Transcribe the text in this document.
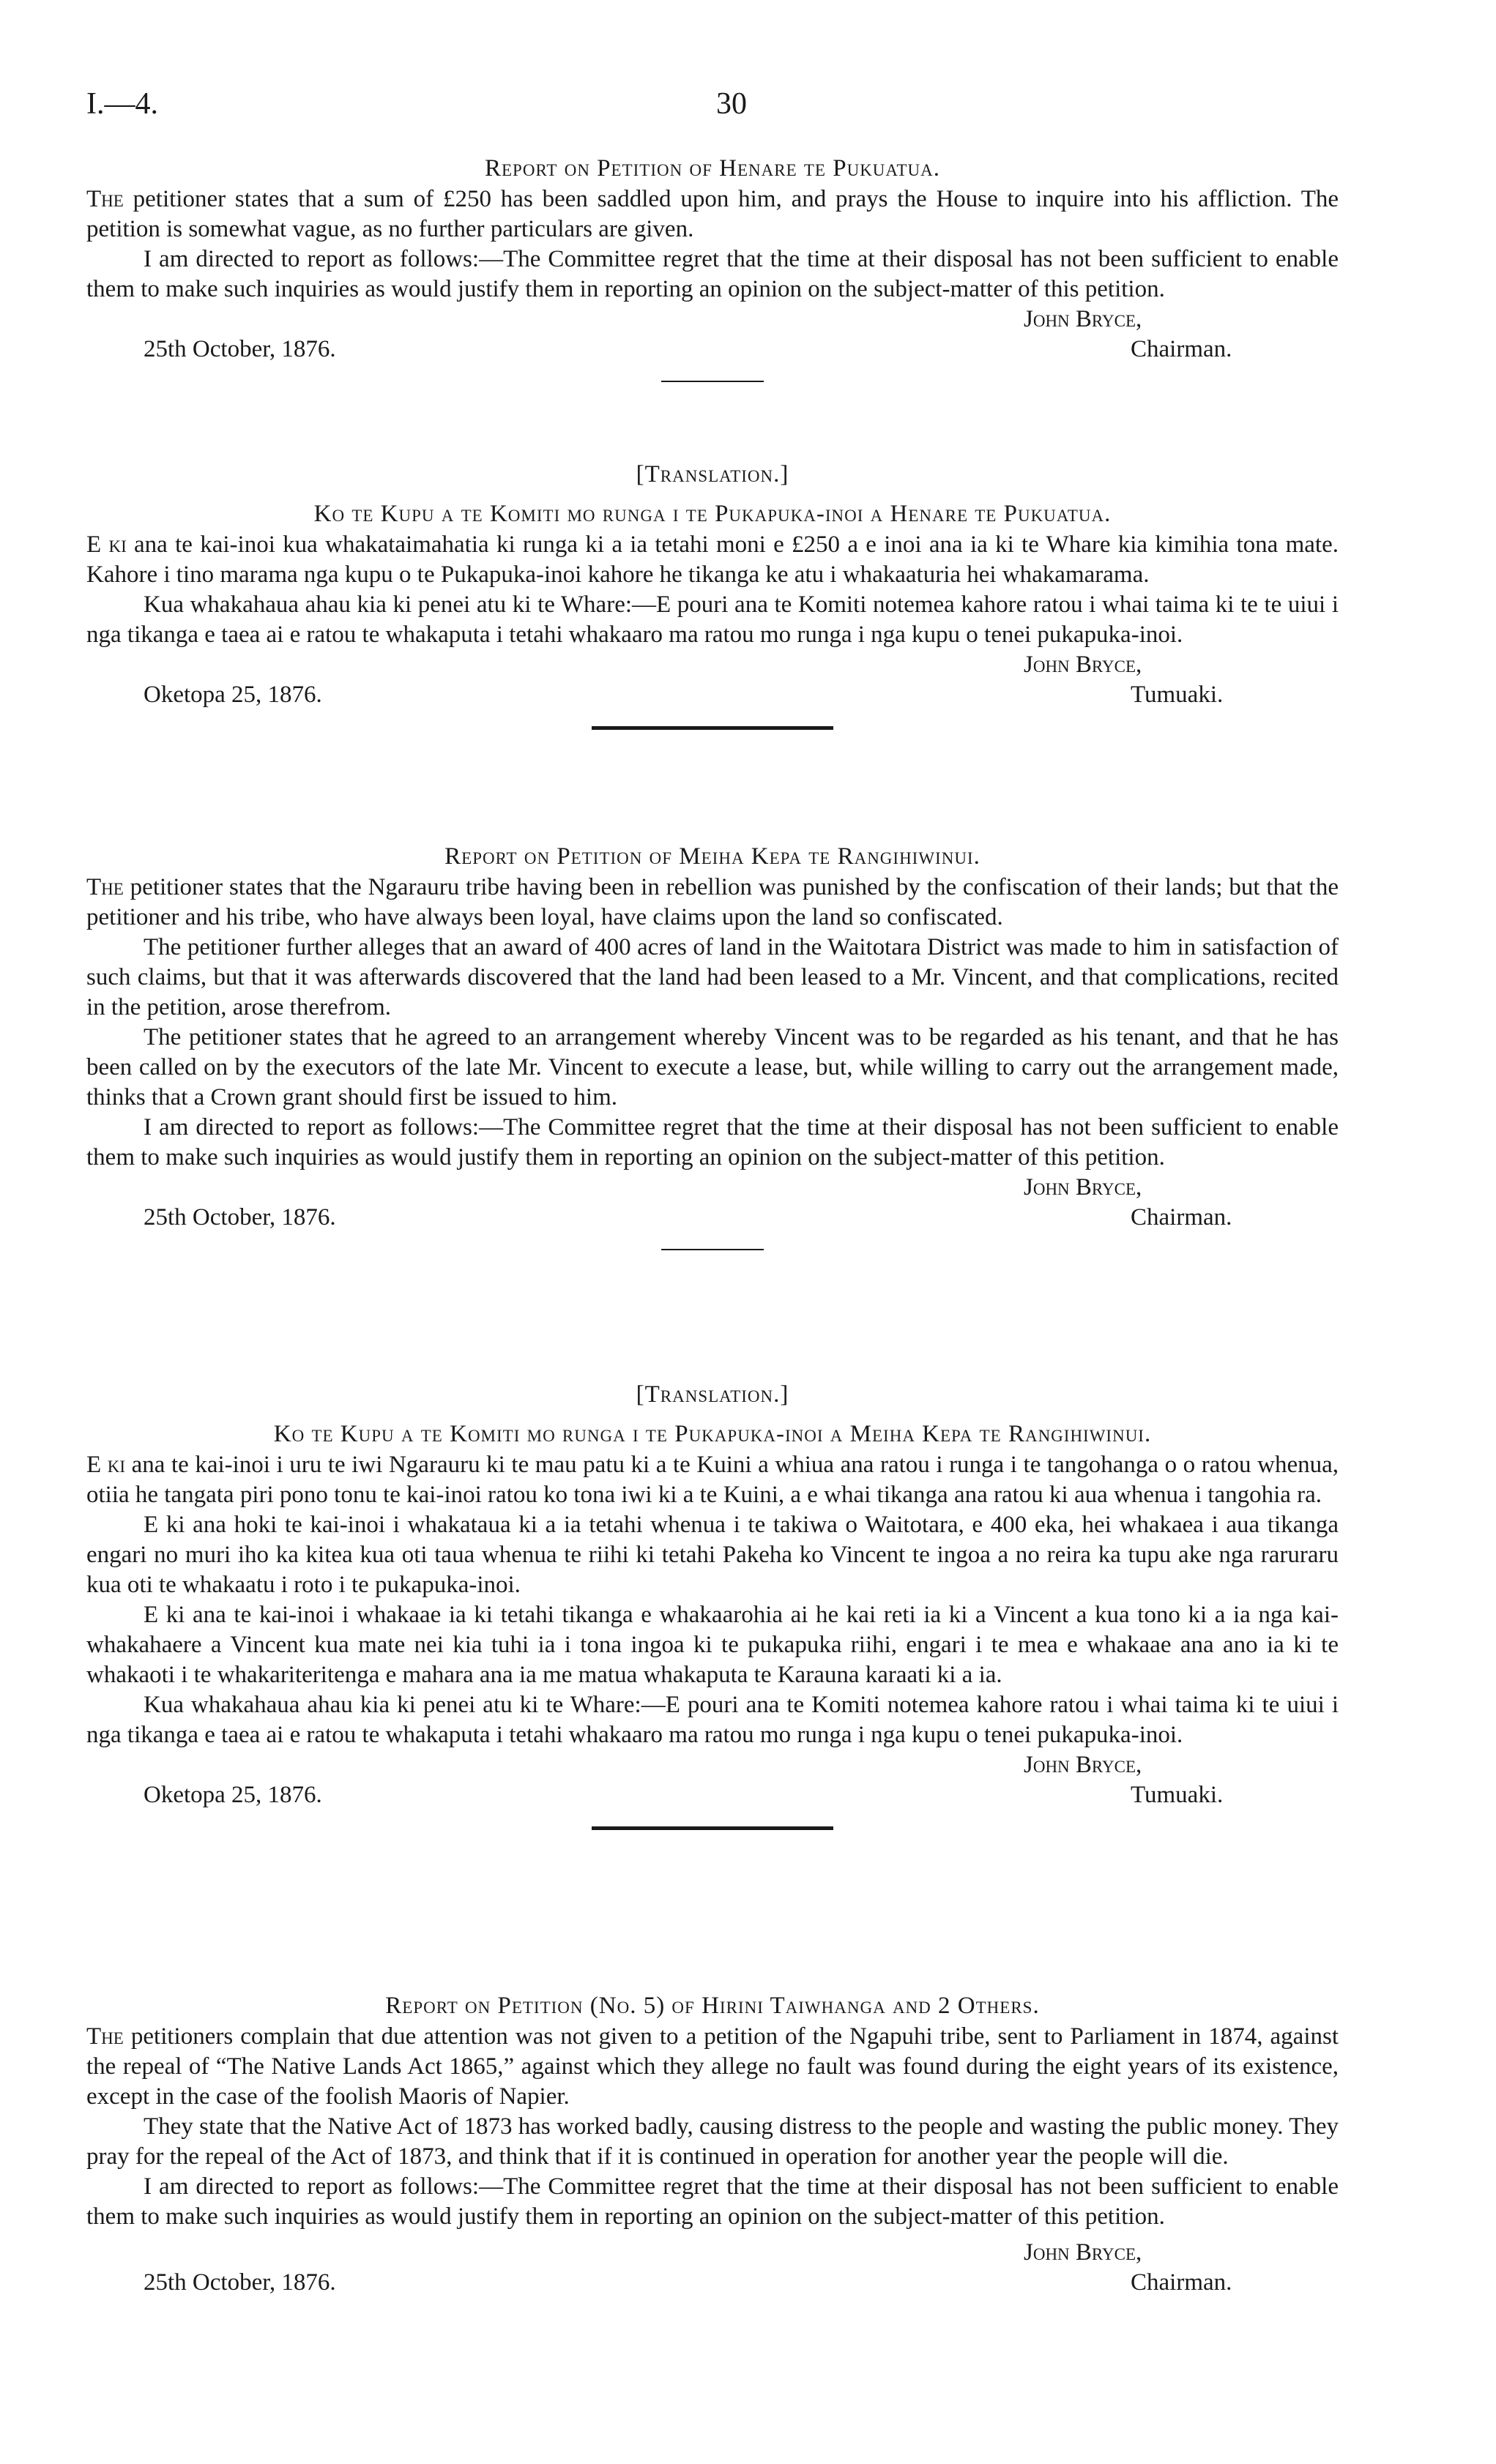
I.—4.	30
Report on Petition of Henare te Pukuatua.

The petitioner states that a sum of £250 has been saddled upon him, and prays the House to inquire into his affliction. The petition is somewhat vague, as no further particulars are given.

I am directed to report as follows:—The Committee regret that the time at their disposal has not been sufficient to enable them to make such inquiries as would justify them in reporting an opinion on the subject-matter of this petition.

25th October, 1876.
John Bryce,
Chairman.
[Translation.]
Ko te Kupu a te Komiti mo runga i te Pukapuka-inoi a Henare te Pukuatua.

E ki ana te kai-inoi kua whakataimahatia ki runga ki a ia tetahi moni e £250 a e inoi ana ia ki te Whare kia kimihia tona mate. Kahore i tino marama nga kupu o te Pukapuka-inoi kahore he tikanga ke atu i whakaaturia hei whakamarama.

Kua whakahaua ahau kia ki penei atu ki te Whare:—E pouri ana te Komiti notemea kahore ratou i whai taima ki te te uiui i nga tikanga e taea ai e ratou te whakaputa i tetahi whakaaro ma ratou mo runga i nga kupu o tenei pukapuka-inoi.

Oketopa 25, 1876.
John Bryce,
Tumuaki.
Report on Petition of Meiha Kepa te Rangihiwinui.

The petitioner states that the Ngarauru tribe having been in rebellion was punished by the confiscation of their lands; but that the petitioner and his tribe, who have always been loyal, have claims upon the land so confiscated.

The petitioner further alleges that an award of 400 acres of land in the Waitotara District was made to him in satisfaction of such claims, but that it was afterwards discovered that the land had been leased to a Mr. Vincent, and that complications, recited in the petition, arose therefrom.

The petitioner states that he agreed to an arrangement whereby Vincent was to be regarded as his tenant, and that he has been called on by the executors of the late Mr. Vincent to execute a lease, but, while willing to carry out the arrangement made, thinks that a Crown grant should first be issued to him.

I am directed to report as follows:—The Committee regret that the time at their disposal has not been sufficient to enable them to make such inquiries as would justify them in reporting an opinion on the subject-matter of this petition.

25th October, 1876.
John Bryce,
Chairman.
[Translation.]
Ko te Kupu a te Komiti mo runga i te Pukapuka-inoi a Meiha Kepa te Rangihiwinui.

E ki ana te kai-inoi i uru te iwi Ngarauru ki te mau patu ki a te Kuini a whiua ana ratou i runga i te tangohanga o o ratou whenua, otiia he tangata piri pono tonu te kai-inoi ratou ko tona iwi ki a te Kuini, a e whai tikanga ana ratou ki aua whenua i tangohia ra.

E ki ana hoki te kai-inoi i whakataua ki a ia tetahi whenua i te takiwa o Waitotara, e 400 eka, hei whakaea i aua tikanga engari no muri iho ka kitea kua oti taua whenua te riihi ki tetahi Pakeha ko Vincent te ingoa a no reira ka tupu ake nga raruraru kua oti te whakaatu i roto i te pukapuka-inoi.

E ki ana te kai-inoi i whakaae ia ki tetahi tikanga e whakaarohia ai he kai reti ia ki a Vincent a kua tono ki a ia nga kai-whakahaere a Vincent kua mate nei kia tuhi ia i tona ingoa ki te pukapuka riihi, engari i te mea e whakaae ana ano ia ki te whakaoti i te whakariteritenga e mahara ana ia me matua whakaputa te Karauna karaati ki a ia.

Kua whakahaua ahau kia ki penei atu ki te Whare:—E pouri ana te Komiti notemea kahore ratou i whai taima ki te uiui i nga tikanga e taea ai e ratou te whakaputa i tetahi whakaaro ma ratou mo runga i nga kupu o tenei pukapuka-inoi.

Oketopa 25, 1876.
John Bryce,
Tumuaki.
Report on Petition (No. 5) of Hirini Taiwhanga and 2 Others.

The petitioners complain that due attention was not given to a petition of the Ngapuhi tribe, sent to Parliament in 1874, against the repeal of “The Native Lands Act 1865,” against which they allege no fault was found during the eight years of its existence, except in the case of the foolish Maoris of Napier.

They state that the Native Act of 1873 has worked badly, causing distress to the people and wasting the public money. They pray for the repeal of the Act of 1873, and think that if it is continued in operation for another year the people will die.

I am directed to report as follows:—The Committee regret that the time at their disposal has not been sufficient to enable them to make such inquiries as would justify them in reporting an opinion on the subject-matter of this petition.

25th October, 1876.
John Bryce,
Chairman.
